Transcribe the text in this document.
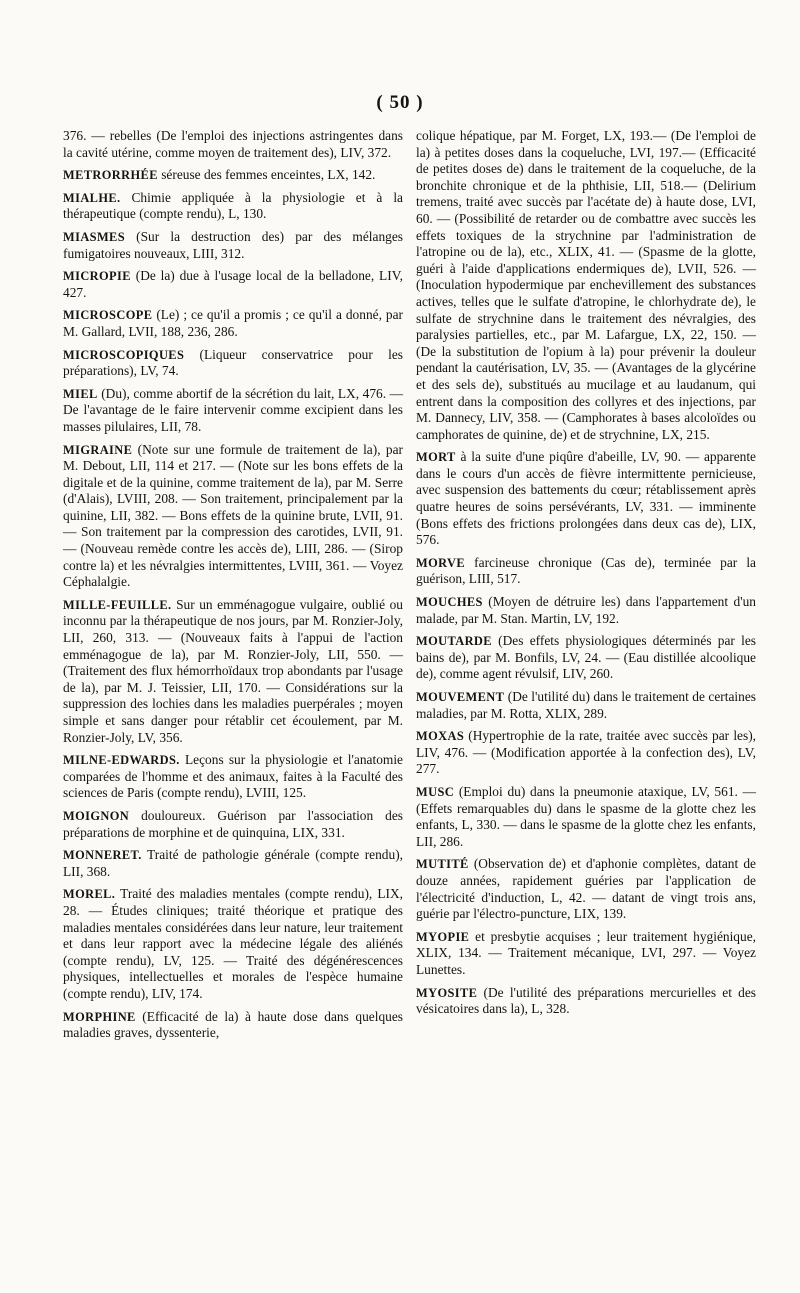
( 50 )

376. — rebelles (De l'emploi des injections astringentes dans la cavité utérine, comme moyen de traitement des), LIV, 372.

METRORRHÉE séreuse des femmes enceintes, LX, 142.

MIALHE. Chimie appliquée à la physiologie et à la thérapeutique (compte rendu), L, 130.

MIASMES (Sur la destruction des) par des mélanges fumigatoires nouveaux, LIII, 312.

MICROPIE (De la) due à l'usage local de la belladone, LIV, 427.

MICROSCOPE (Le) ; ce qu'il a promis ; ce qu'il a donné, par M. Gallard, LVII, 188, 236, 286.

MICROSCOPIQUES (Liqueur conservatrice pour les préparations), LV, 74.

MIEL (Du), comme abortif de la sécrétion du lait, LX, 476. — De l'avantage de le faire intervenir comme excipient dans les masses pilulaires, LII, 78.

MIGRAINE (Note sur une formule de traitement de la), par M. Debout, LII, 114 et 217. — (Note sur les bons effets de la digitale et de la quinine, comme traitement de la), par M. Serre (d'Alais), LVIII, 208. — Son traitement, principalement par la quinine, LII, 382. — Bons effets de la quinine brute, LVII, 91. — Son traitement par la compression des carotides, LVII, 91.— (Nouveau remède contre les accès de), LIII, 286. — (Sirop contre la) et les névralgies intermittentes, LVIII, 361. — Voyez Céphalalgie.

MILLE-FEUILLE. Sur un emménagogue vulgaire, oublié ou inconnu par la thérapeutique de nos jours, par M. Ronzier-Joly, LII, 260, 313. — (Nouveaux faits à l'appui de l'action emménagogue de la), par M. Ronzier-Joly, LII, 550. — (Traitement des flux hémorrhoïdaux trop abondants par l'usage de la), par M. J. Teissier, LII, 170. — Considérations sur la suppression des lochies dans les maladies puerpérales ; moyen simple et sans danger pour rétablir cet écoulement, par M. Ronzier-Joly, LV, 356.

MILNE-EDWARDS. Leçons sur la physiologie et l'anatomie comparées de l'homme et des animaux, faites à la Faculté des sciences de Paris (compte rendu), LVIII, 125.

MOIGNON douloureux. Guérison par l'association des préparations de morphine et de quinquina, LIX, 331.

MONNERET. Traité de pathologie générale (compte rendu), LII, 368.

MOREL. Traité des maladies mentales (compte rendu), LIX, 28. — Études cliniques; traité théorique et pratique des maladies mentales considérées dans leur nature, leur traitement et dans leur rapport avec la médecine légale des aliénés (compte rendu), LV, 125. — Traité des dégénérescences physiques, intellectuelles et morales de l'espèce humaine (compte rendu), LIV, 174.

MORPHINE (Efficacité de la) à haute dose dans quelques maladies graves, dyssenterie,

colique hépatique, par M. Forget, LX, 193.— (De l'emploi de la) à petites doses dans la coqueluche, LVI, 197.— (Efficacité de petites doses de) dans le traitement de la coqueluche, de la bronchite chronique et de la phthisie, LII, 518.— (Delirium tremens, traité avec succès par l'acétate de) à haute dose, LVI, 60. — (Possibilité de retarder ou de combattre avec succès les effets toxiques de la strychnine par l'administration de l'atropine ou de la), etc., XLIX, 41. — (Spasme de la glotte, guéri à l'aide d'applications endermiques de), LVII, 526. — (Inoculation hypodermique par enchevillement des substances actives, telles que le sulfate d'atropine, le chlorhydrate de), le sulfate de strychnine dans le traitement des névralgies, des paralysies partielles, etc., par M. Lafargue, LX, 22, 150. — (De la substitution de l'opium à la) pour prévenir la douleur pendant la cautérisation, LV, 35. — (Avantages de la glycérine et des sels de), substitués au mucilage et au laudanum, qui entrent dans la composition des collyres et des injections, par M. Dannecy, LIV, 358. — (Camphorates à bases alcoloïdes ou camphorates de quinine, de) et de strychnine, LX, 215.

MORT à la suite d'une piqûre d'abeille, LV, 90. — apparente dans le cours d'un accès de fièvre intermittente pernicieuse, avec suspension des battements du cœur; rétablissement après quatre heures de soins persévérants, LV, 331. — imminente (Bons effets des frictions prolongées dans deux cas de), LIX, 576.

MORVE farcineuse chronique (Cas de), terminée par la guérison, LIII, 517.

MOUCHES (Moyen de détruire les) dans l'appartement d'un malade, par M. Stan. Martin, LV, 192.

MOUTARDE (Des effets physiologiques déterminés par les bains de), par M. Bonfils, LV, 24. — (Eau distillée alcoolique de), comme agent révulsif, LIV, 260.

MOUVEMENT (De l'utilité du) dans le traitement de certaines maladies, par M. Rotta, XLIX, 289.

MOXAS (Hypertrophie de la rate, traitée avec succès par les), LIV, 476. — (Modification apportée à la confection des), LV, 277.

MUSC (Emploi du) dans la pneumonie ataxique, LV, 561. — (Effets remarquables du) dans le spasme de la glotte chez les enfants, L, 330. — dans le spasme de la glotte chez les enfants, LII, 286.

MUTITÉ (Observation de) et d'aphonie complètes, datant de douze années, rapidement guéries par l'application de l'électricité d'induction, L, 42. — datant de vingt trois ans, guérie par l'électro-puncture, LIX, 139.

MYOPIE et presbytie acquises ; leur traitement hygiénique, XLIX, 134. — Traitement mécanique, LVI, 297. — Voyez Lunettes.

MYOSITE (De l'utilité des préparations mercurielles et des vésicatoires dans la), L, 328.
